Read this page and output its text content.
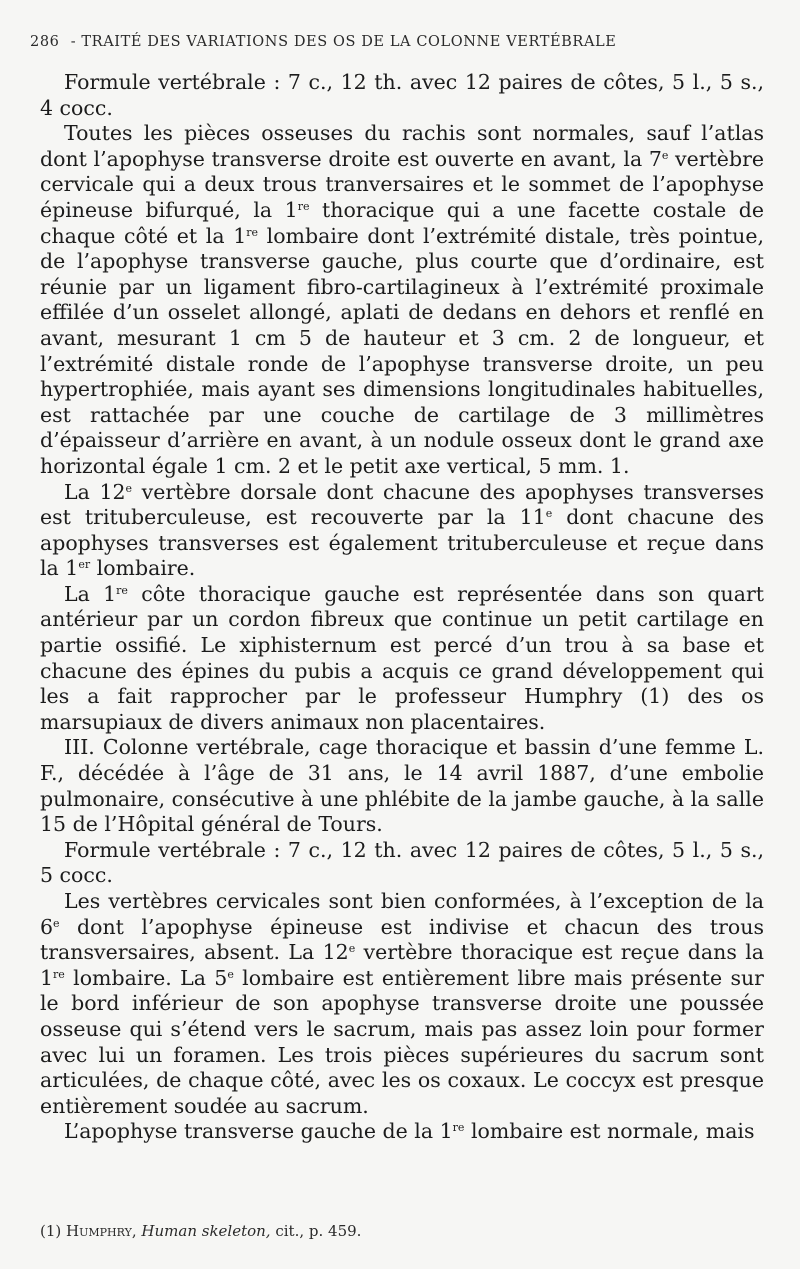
286 - TRAITÉ DES VARIATIONS DES OS DE LA COLONNE VERTÉBRALE

Formule vertébrale : 7 c., 12 th. avec 12 paires de côtes, 5 l., 5 s., 4 cocc.

Toutes les pièces osseuses du rachis sont normales, sauf l’atlas dont l’apophyse transverse droite est ouverte en avant, la 7e vertèbre cervicale qui a deux trous tranversaires et le sommet de l’apophyse épineuse bifurqué, la 1re thoracique qui a une facette costale de chaque côté et la 1re lombaire dont l’extrémité distale, très pointue, de l’apophyse transverse gauche, plus courte que d’ordinaire, est réunie par un ligament fibro-cartilagineux à l’extrémité proximale effilée d’un osselet allongé, aplati de dedans en dehors et renflé en avant, mesurant 1 cm 5 de hauteur et 3 cm. 2 de longueur, et l’extrémité distale ronde de l’apophyse transverse droite, un peu hypertrophiée, mais ayant ses dimensions longitudinales habituelles, est rattachée par une couche de cartilage de 3 millimètres d’épaisseur d’arrière en avant, à un nodule osseux dont le grand axe horizontal égale 1 cm. 2 et le petit axe vertical, 5 mm. 1.

La 12e vertèbre dorsale dont chacune des apophyses transverses est trituberculeuse, est recouverte par la 11e dont chacune des apophyses transverses est également trituberculeuse et reçue dans la 1er lombaire.

La 1re côte thoracique gauche est représentée dans son quart antérieur par un cordon fibreux que continue un petit cartilage en partie ossifié. Le xiphisternum est percé d’un trou à sa base et chacune des épines du pubis a acquis ce grand développement qui les a fait rapprocher par le professeur Humphry (1) des os marsupiaux de divers animaux non placentaires.

III. Colonne vertébrale, cage thoracique et bassin d’une femme L. F., décédée à l’âge de 31 ans, le 14 avril 1887, d’une embolie pulmonaire, consécutive à une phlébite de la jambe gauche, à la salle 15 de l’Hôpital général de Tours.

Formule vertébrale : 7 c., 12 th. avec 12 paires de côtes, 5 l., 5 s., 5 cocc.

Les vertèbres cervicales sont bien conformées, à l’exception de la 6e dont l’apophyse épineuse est indivise et chacun des trous transversaires, absent. La 12e vertèbre thoracique est reçue dans la 1re lombaire. La 5e lombaire est entièrement libre mais présente sur le bord inférieur de son apophyse transverse droite une poussée osseuse qui s’étend vers le sacrum, mais pas assez loin pour former avec lui un foramen. Les trois pièces supérieures du sacrum sont articulées, de chaque côté, avec les os coxaux. Le coccyx est presque entièrement soudée au sacrum.

L’apophyse transverse gauche de la 1re lombaire est normale, mais

(1) Humphry, Human skeleton, cit., p. 459.
